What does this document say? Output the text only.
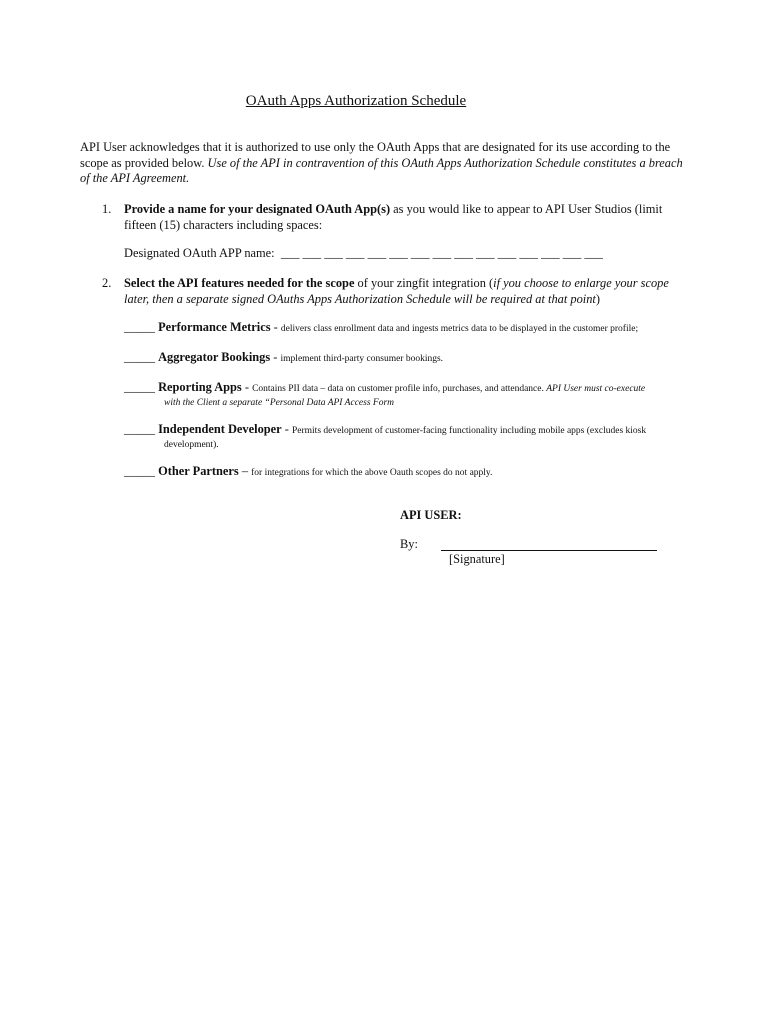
OAuth Apps Authorization Schedule
API User acknowledges that it is authorized to use only the OAuth Apps that are designated for its use according to the scope as provided below. Use of the API in contravention of this OAuth Apps Authorization Schedule constitutes a breach of the API Agreement.
1. Provide a name for your designated OAuth App(s) as you would like to appear to API User Studios (limit fifteen (15) characters including spaces:
Designated OAuth APP name: ___ ___ ___ ___ ___ ___ ___ ___ ___ ___ ___ ___ ___ ___ ___
2. Select the API features needed for the scope of your zingfit integration (if you choose to enlarge your scope later, then a separate signed OAuths Apps Authorization Schedule will be required at that point)
_____ Performance Metrics - delivers class enrollment data and ingests metrics data to be displayed in the customer profile;
_____ Aggregator Bookings - implement third-party consumer bookings.
_____ Reporting Apps - Contains PII data – data on customer profile info, purchases, and attendance. API User must co-execute
with the Client a separate “Personal Data API Access Form
_____ Independent Developer - Permits development of customer-facing functionality including mobile apps (excludes kiosk
development).
_____ Other Partners – for integrations for which the above Oauth scopes do not apply.
API USER:
By:
[Signature]
